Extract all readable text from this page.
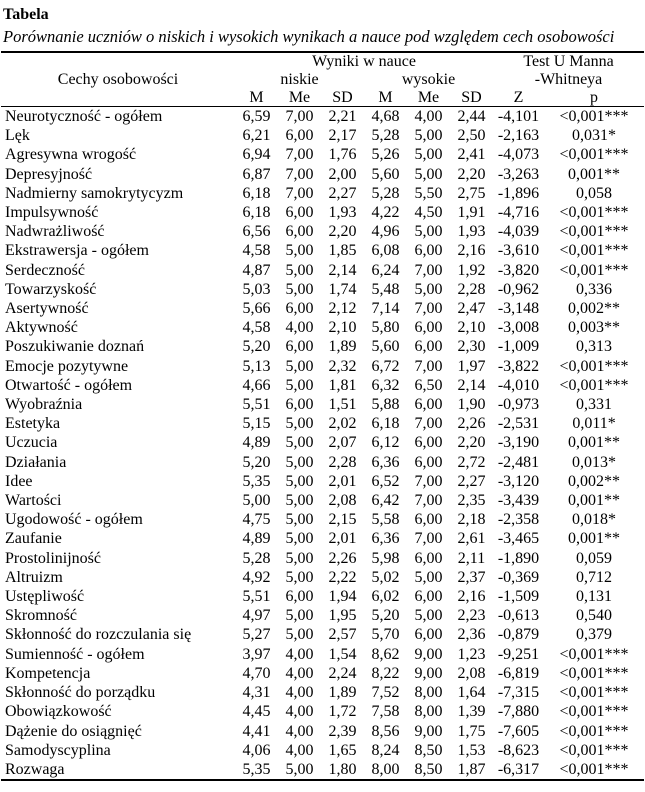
Tabela
Porównanie uczniów o niskich i wysokich wynikach a nauce pod względem cech osobowości
	Wyniki w nauce						Test U Manna	
Cechy osobowości	niskie			wysokie			-Whitneya	
	M	Me	SD	M	Me	SD	Z	p
Neurotyczność - ogółem	6,59	7,00	2,21	4,68	4,00	2,44	-4,101	<0,001***
Lęk	6,21	6,00	2,17	5,28	5,00	2,50	-2,163	0,031*
Agresywna wrogość	6,94	7,00	1,76	5,26	5,00	2,41	-4,073	<0,001***
Depresyjność	6,87	7,00	2,00	5,60	5,00	2,20	-3,263	0,001**
Nadmierny samokrytycyzm	6,18	7,00	2,27	5,28	5,50	2,75	-1,896	0,058
Impulsywność	6,18	6,00	1,93	4,22	4,50	1,91	-4,716	<0,001***
Nadwrażliwość	6,56	6,00	2,20	4,96	5,00	1,93	-4,039	<0,001***
Ekstrawersja - ogółem	4,58	5,00	1,85	6,08	6,00	2,16	-3,610	<0,001***
Serdeczność	4,87	5,00	2,14	6,24	7,00	1,92	-3,820	<0,001***
Towarzyskość	5,03	5,00	1,74	5,48	5,00	2,28	-0,962	0,336
Asertywność	5,66	6,00	2,12	7,14	7,00	2,47	-3,148	0,002**
Aktywność	4,58	4,00	2,10	5,80	6,00	2,10	-3,008	0,003**
Poszukiwanie doznań	5,20	6,00	1,89	5,60	6,00	2,30	-1,009	0,313
Emocje pozytywne	5,13	5,00	2,32	6,72	7,00	1,97	-3,822	<0,001***
Otwartość - ogółem	4,66	5,00	1,81	6,32	6,50	2,14	-4,010	<0,001***
Wyobraźnia	5,51	6,00	1,51	5,88	6,00	1,90	-0,973	0,331
Estetyka	5,15	5,00	2,02	6,18	7,00	2,26	-2,531	0,011*
Uczucia	4,89	5,00	2,07	6,12	6,00	2,20	-3,190	0,001**
Działania	5,20	5,00	2,28	6,36	6,00	2,72	-2,481	0,013*
Idee	5,35	5,00	2,01	6,52	7,00	2,27	-3,120	0,002**
Wartości	5,00	5,00	2,08	6,42	7,00	2,35	-3,439	0,001**
Ugodowość - ogółem	4,75	5,00	2,15	5,58	6,00	2,18	-2,358	0,018*
Zaufanie	4,89	5,00	2,01	6,36	7,00	2,61	-3,465	0,001**
Prostolinijność	5,28	5,00	2,26	5,98	6,00	2,11	-1,890	0,059
Altruizm	4,92	5,00	2,22	5,02	5,00	2,37	-0,369	0,712
Ustępliwość	5,51	6,00	1,94	6,02	6,00	2,16	-1,509	0,131
Skromność	4,97	5,00	1,95	5,20	5,00	2,23	-0,613	0,540
Skłonność do rozczulania się	5,27	5,00	2,57	5,70	6,00	2,36	-0,879	0,379
Sumienność - ogółem	3,97	4,00	1,54	8,62	9,00	1,23	-9,251	<0,001***
Kompetencja	4,70	4,00	2,24	8,22	9,00	2,08	-6,819	<0,001***
Skłonność do porządku	4,31	4,00	1,89	7,52	8,00	1,64	-7,315	<0,001***
Obowiązkowość	4,45	4,00	1,72	7,58	8,00	1,39	-7,880	<0,001***
Dążenie do osiągnięć	4,41	4,00	2,39	8,56	9,00	1,75	-7,605	<0,001***
Samodyscyplina	4,06	4,00	1,65	8,24	8,50	1,53	-8,623	<0,001***
Rozwaga	5,35	5,00	1,80	8,00	8,50	1,87	-6,317	<0,001***
